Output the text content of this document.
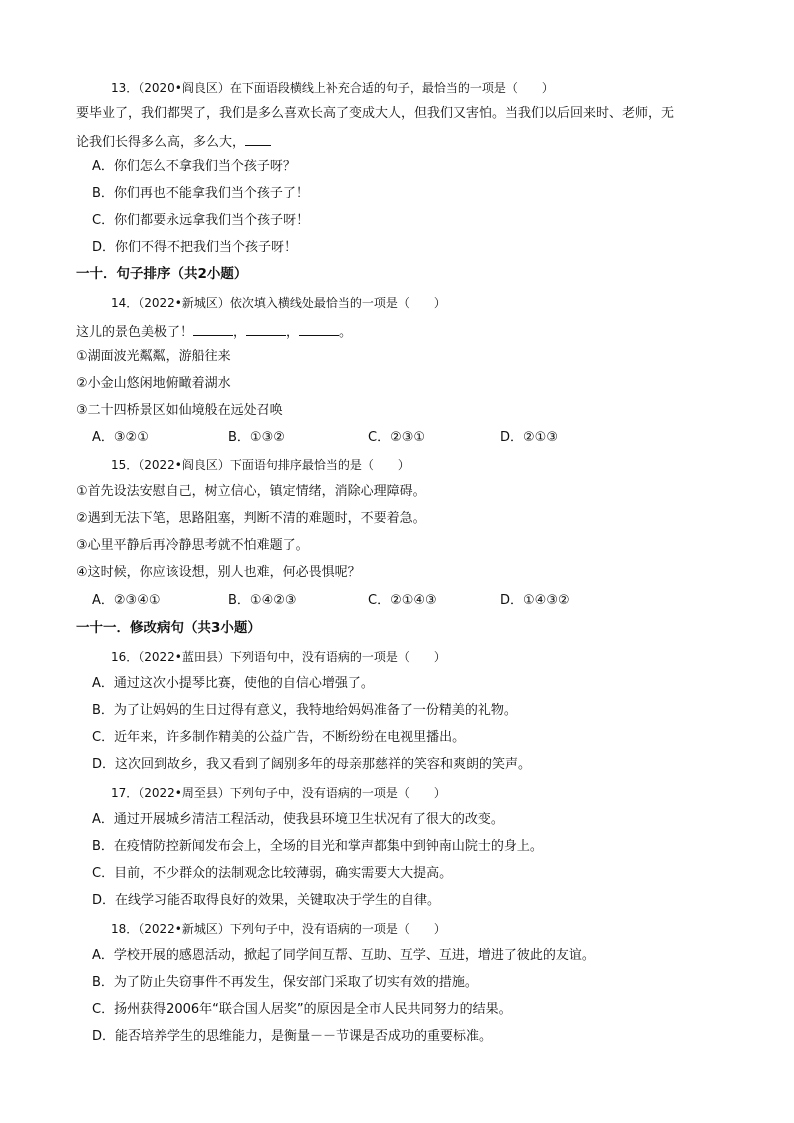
13．（2020•阎良区）在下面语段横线上补充合适的句子，最恰当的一项是（　　）
要毕业了，我们都哭了，我们是多么喜欢长高了变成大人，但我们又害怕。当我们以后回来时、老师，无
论我们长得多么高，多么大，
A．你们怎么不拿我们当个孩子呀？
B．你们再也不能拿我们当个孩子了！
C．你们都要永远拿我们当个孩子呀！
D．你们不得不把我们当个孩子呀！
一十．句子排序（共2小题）
14．（2022•新城区）依次填入横线处最恰当的一项是（　　）
这儿的景色美极了！	，	，	。
①湖面波光粼粼，游船往来
②小金山悠闲地俯瞰着湖水
③二十四桥景区如仙境般在远处召唤
A．③②①	B．①③②	C．②③①	D．②①③
15．（2022•阎良区）下面语句排序最恰当的是（　　）
①首先设法安慰自己，树立信心，镇定情绪，消除心理障碍。
②遇到无法下笔，思路阻塞，判断不清的难题时，不要着急。
③心里平静后再冷静思考就不怕难题了。
④这时候，你应该设想，别人也难，何必畏惧呢？
A．②③④①	B．①④②③	C．②①④③	D．①④③②
一十一．修改病句（共3小题）
16．（2022•蓝田县）下列语句中，没有语病的一项是（　　）
A．通过这次小提琴比赛，使他的自信心增强了。
B．为了让妈妈的生日过得有意义，我特地给妈妈准备了一份精美的礼物。
C．近年来，许多制作精美的公益广告，不断纷纷在电视里播出。
D．这次回到故乡，我又看到了阔别多年的母亲那慈祥的笑容和爽朗的笑声。
17．（2022•周至县）下列句子中，没有语病的一项是（　　）
A．通过开展城乡清洁工程活动，使我县环境卫生状况有了很大的改变。
B．在疫情防控新闻发布会上，全场的目光和掌声都集中到钟南山院士的身上。
C．目前，不少群众的法制观念比较薄弱，确实需要大大提高。
D．在线学习能否取得良好的效果，关键取决于学生的自律。
18．（2022•新城区）下列句子中，没有语病的一项是（　　）
A．学校开展的感恩活动，掀起了同学间互帮、互助、互学、互进，增进了彼此的友谊。
B．为了防止失窃事件不再发生，保安部门采取了切实有效的措施。
C．扬州获得2006年“联合国人居奖”的原因是全市人民共同努力的结果。
D．能否培养学生的思维能力，是衡量－－节课是否成功的重要标准。
